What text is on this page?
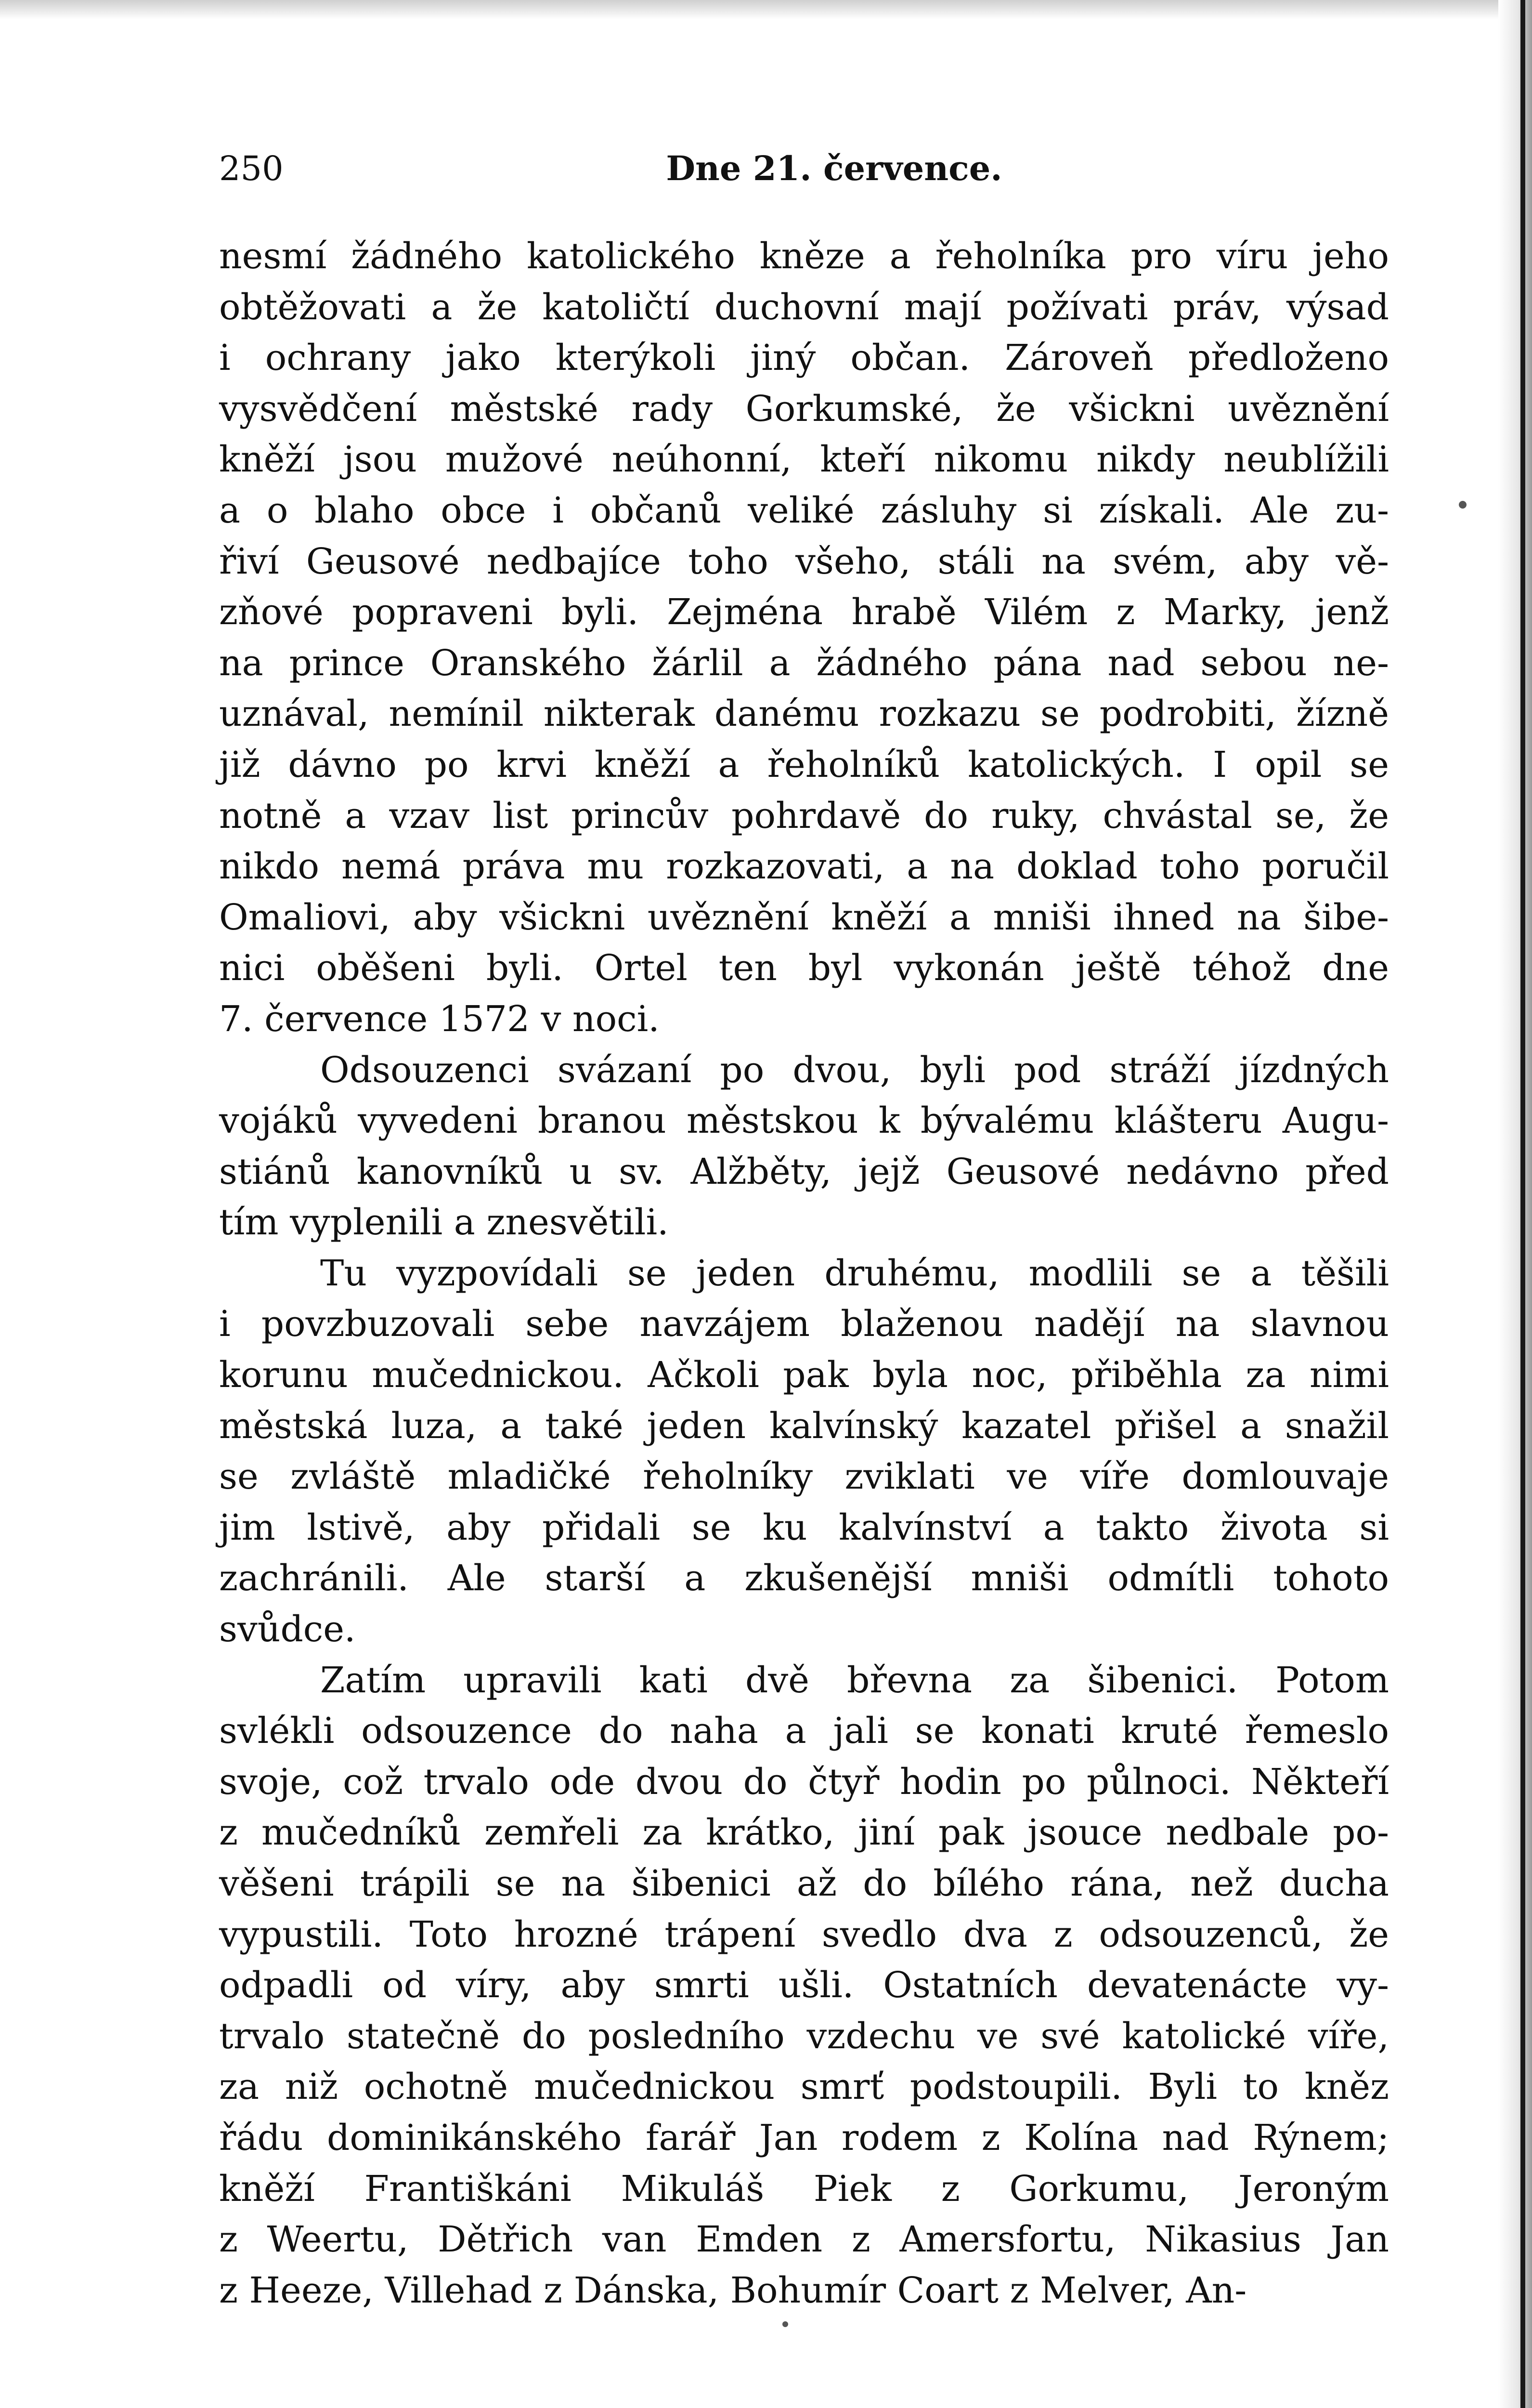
250	Dne 21. července.

nesmí žádného katolického kněze a řeholníka pro víru jeho

obtěžovati a že katoličtí duchovní mají požívati práv, výsad

i ochrany jako kterýkoli jiný občan. Zároveň předloženo

vysvědčení městské rady Gorkumské, že všickni uvěznění

kněží jsou mužové neúhonní, kteří nikomu nikdy neublížili

a o blaho obce i občanů veliké zásluhy si získali. Ale zu-

řiví Geusové nedbajíce toho všeho, stáli na svém, aby vě-

zňové popraveni byli. Zejména hrabě Vilém z Marky, jenž

na prince Oranského žárlil a žádného pána nad sebou ne-

uznával, nemínil nikterak danému rozkazu se podrobiti, žízně

již dávno po krvi kněží a řeholníků katolických. I opil se

notně a vzav list princův pohrdavě do ruky, chvástal se, že

nikdo nemá práva mu rozkazovati, a na doklad toho poručil

Omaliovi, aby všickni uvěznění kněží a mniši ihned na šibe-

nici oběšeni byli. Ortel ten byl vykonán ještě téhož dne

7. července 1572 v noci.

Odsouzenci svázaní po dvou, byli pod stráží jízdných

vojáků vyvedeni branou městskou k bývalému klášteru Augu-

stiánů kanovníků u sv. Alžběty, jejž Geusové nedávno před

tím vyplenili a znesvětili.

Tu vyzpovídali se jeden druhému, modlili se a těšili

i povzbuzovali sebe navzájem blaženou nadějí na slavnou

korunu mučednickou. Ačkoli pak byla noc, přiběhla za nimi

městská luza, a také jeden kalvínský kazatel přišel a snažil

se zvláště mladičké řeholníky zviklati ve víře domlouvaje

jim lstivě, aby přidali se ku kalvínství a takto života si

zachránili. Ale starší a zkušenější mniši odmítli tohoto

svůdce.

Zatím upravili kati dvě břevna za šibenici. Potom

svlékli odsouzence do naha a jali se konati kruté řemeslo

svoje, což trvalo ode dvou do čtyř hodin po půlnoci. Někteří

z mučedníků zemřeli za krátko, jiní pak jsouce nedbale po-

věšeni trápili se na šibenici až do bílého rána, než ducha

vypustili. Toto hrozné trápení svedlo dva z odsouzenců, že

odpadli od víry, aby smrti ušli. Ostatních devatenácte vy-

trvalo statečně do posledního vzdechu ve své katolické víře,

za niž ochotně mučednickou smrť podstoupili. Byli to kněz

řádu dominikánského farář Jan rodem z Kolína nad Rýnem;

kněží Františkáni Mikuláš Piek z Gorkumu, Jeroným

z Weertu, Dětřich van Emden z Amersfortu, Nikasius Jan

z Heeze, Villehad z Dánska, Bohumír Coart z Melver, An-
